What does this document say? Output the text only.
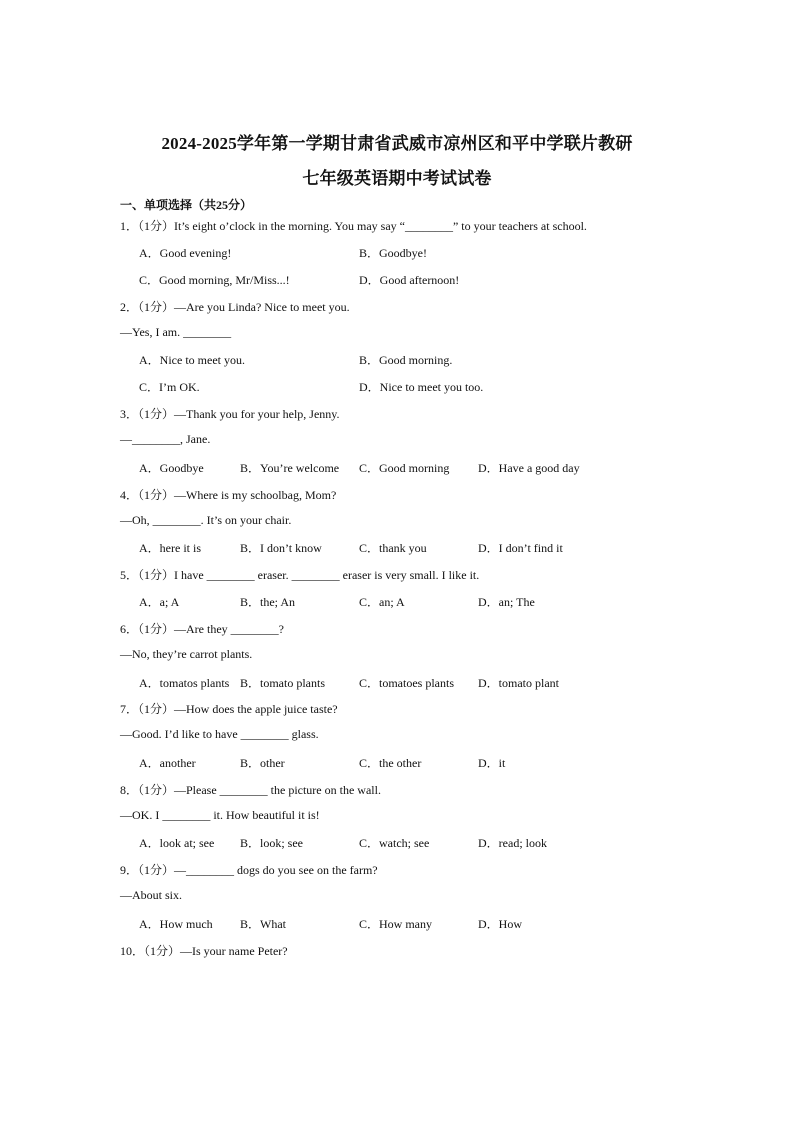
2024-2025学年第一学期甘肃省武威市凉州区和平中学联片教研
七年级英语期中考试试卷
一、单项选择（共25分）
1．（1分）It’s eight o’clock in the morning. You may say “________” to your teachers at school.
A．Good evening!	B．Goodbye!
C．Good morning, Mr/Miss...!	D．Good afternoon!
2．（1分）—Are you Linda? Nice to meet you.
—Yes, I am. ________
A．Nice to meet you.	B．Good morning.
C．I’m OK.	D．Nice to meet you too.
3．（1分）—Thank you for your help, Jenny.
—________, Jane.
A．Goodbye	B．You’re welcome C．Good morning D．Have a good day
4．（1分）—Where is my schoolbag, Mom?
—Oh, ________. It’s on your chair.
A．here it is	B．I don’t know	C．thank you	D．I don’t find it
5．（1分）I have ________ eraser. ________ eraser is very small. I like it.
A．a; A	B．the; An	C．an; A	D．an; The
6．（1分）—Are they ________?
—No, they’re carrot plants.
A．tomatos plants B．tomato plants	C．tomatoes plants D．tomato plant
7．（1分）—How does the apple juice taste?
—Good. I’d like to have ________ glass.
A．another	B．other	C．the other	D．it
8．（1分）—Please ________ the picture on the wall.
—OK. I ________ it. How beautiful it is!
A．look at; see B．look; see	C．watch; see	D．read; look
9．（1分）—________ dogs do you see on the farm?
—About six.
A．How much B．What	C．How many	D．How
10．（1分）—Is your name Peter?
